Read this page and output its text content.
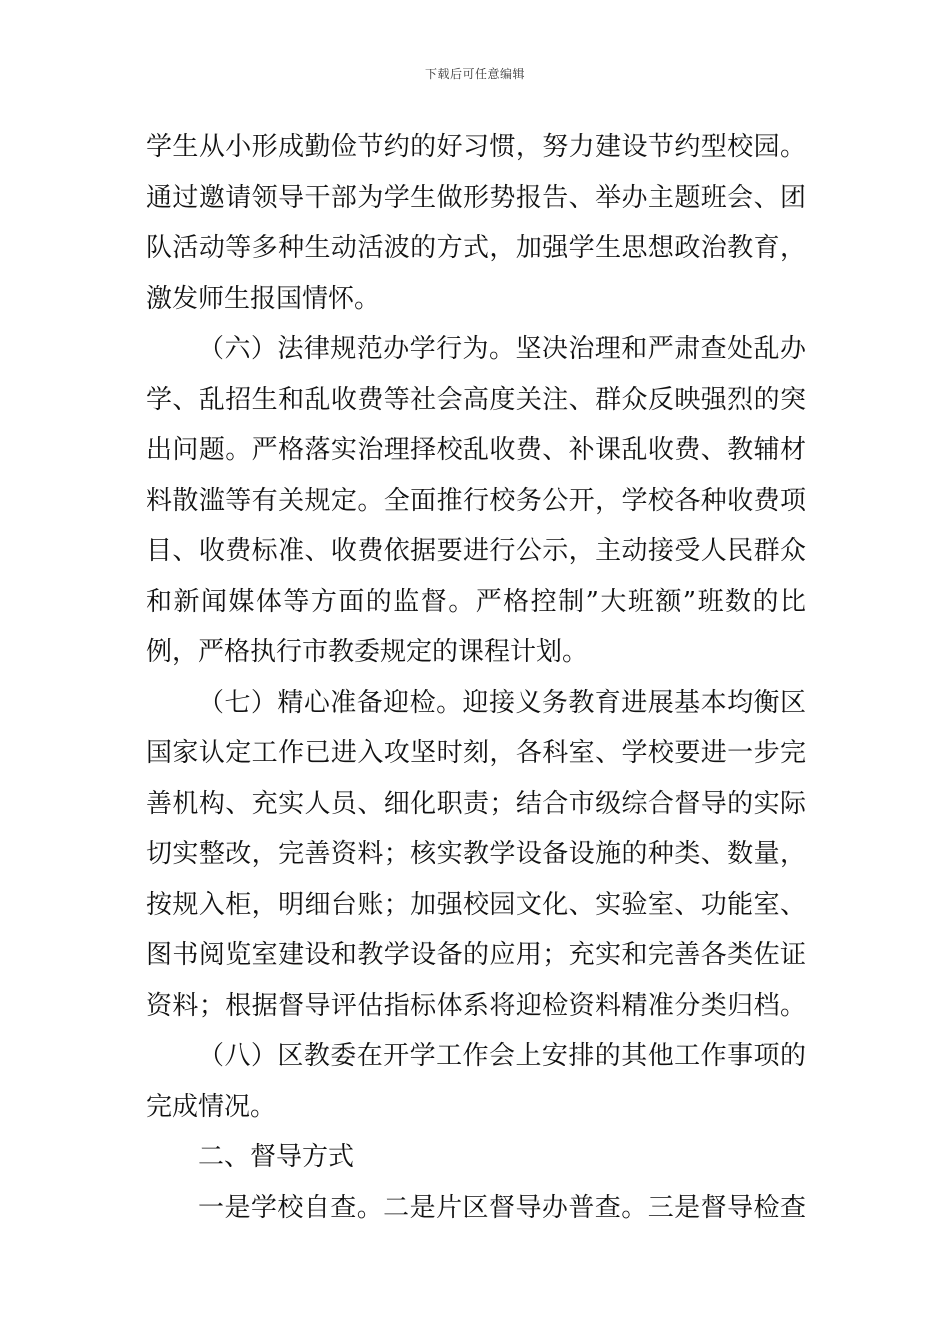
下载后可任意编辑
学生从小形成勤俭节约的好习惯，努力建设节约型校园。
通过邀请领导干部为学生做形势报告、举办主题班会、团
队活动等多种生动活波的方式，加强学生思想政治教育，
激发师生报国情怀。
（六）法律规范办学行为。坚决治理和严肃查处乱办
学、乱招生和乱收费等社会高度关注、群众反映强烈的突
出问题。严格落实治理择校乱收费、补课乱收费、教辅材
料散滥等有关规定。全面推行校务公开，学校各种收费项
目、收费标准、收费依据要进行公示，主动接受人民群众
和新闻媒体等方面的监督。严格控制”大班额”班数的比
例，严格执行市教委规定的课程计划。
（七）精心准备迎检。迎接义务教育进展基本均衡区
国家认定工作已进入攻坚时刻，各科室、学校要进一步完
善机构、充实人员、细化职责；结合市级综合督导的实际
切实整改，完善资料；核实教学设备设施的种类、数量，
按规入柜，明细台账；加强校园文化、实验室、功能室、
图书阅览室建设和教学设备的应用；充实和完善各类佐证
资料；根据督导评估指标体系将迎检资料精准分类归档。
（八）区教委在开学工作会上安排的其他工作事项的
完成情况。
二、督导方式
一是学校自查。二是片区督导办普查。三是督导检查
